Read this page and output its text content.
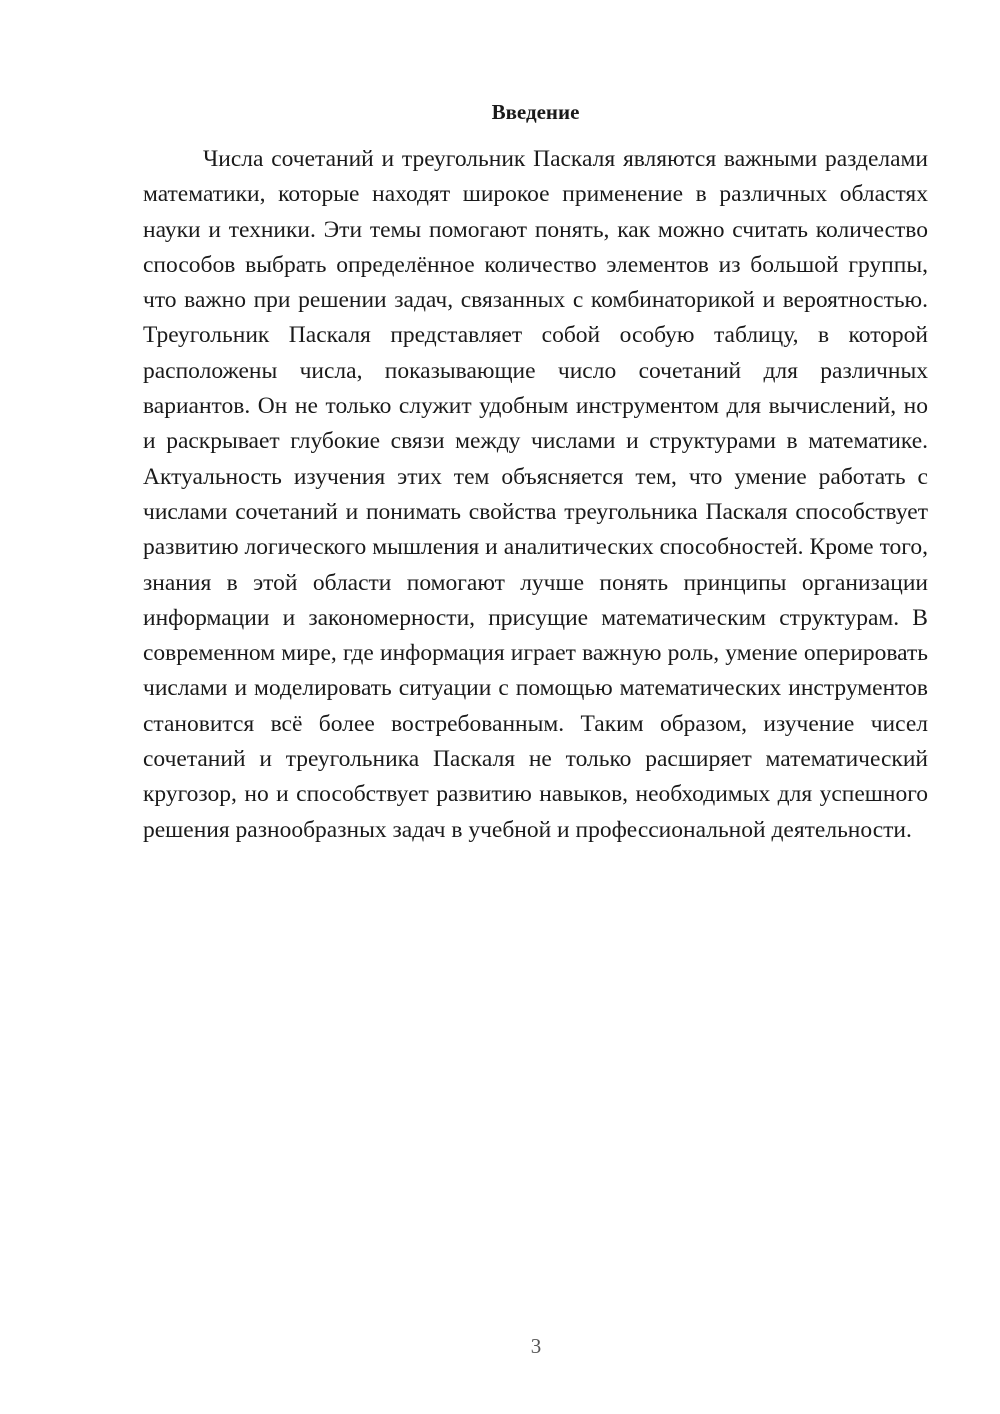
Введение

Числа сочетаний и треугольник Паскаля являются важными разделами математики, которые находят широкое применение в различных областях науки и техники. Эти темы помогают понять, как можно считать количество способов выбрать определённое количество элементов из большой группы, что важно при решении задач, связанных с комбинаторикой и вероятностью. Треугольник Паскаля представляет собой особую таблицу, в которой расположены числа, показывающие число сочетаний для различных вариантов. Он не только служит удобным инструментом для вычислений, но и раскрывает глубокие связи между числами и структурами в математике. Актуальность изучения этих тем объясняется тем, что умение работать с числами сочетаний и понимать свойства треугольника Паскаля способствует развитию логического мышления и аналитических способностей. Кроме того, знания в этой области помогают лучше понять принципы организации информации и закономерности, присущие математическим структурам. В современном мире, где информация играет важную роль, умение оперировать числами и моделировать ситуации с помощью математических инструментов становится всё более востребованным. Таким образом, изучение чисел сочетаний и треугольника Паскаля не только расширяет математический кругозор, но и способствует развитию навыков, необходимых для успешного решения разнообразных задач в учебной и профессиональной деятельности.

3
